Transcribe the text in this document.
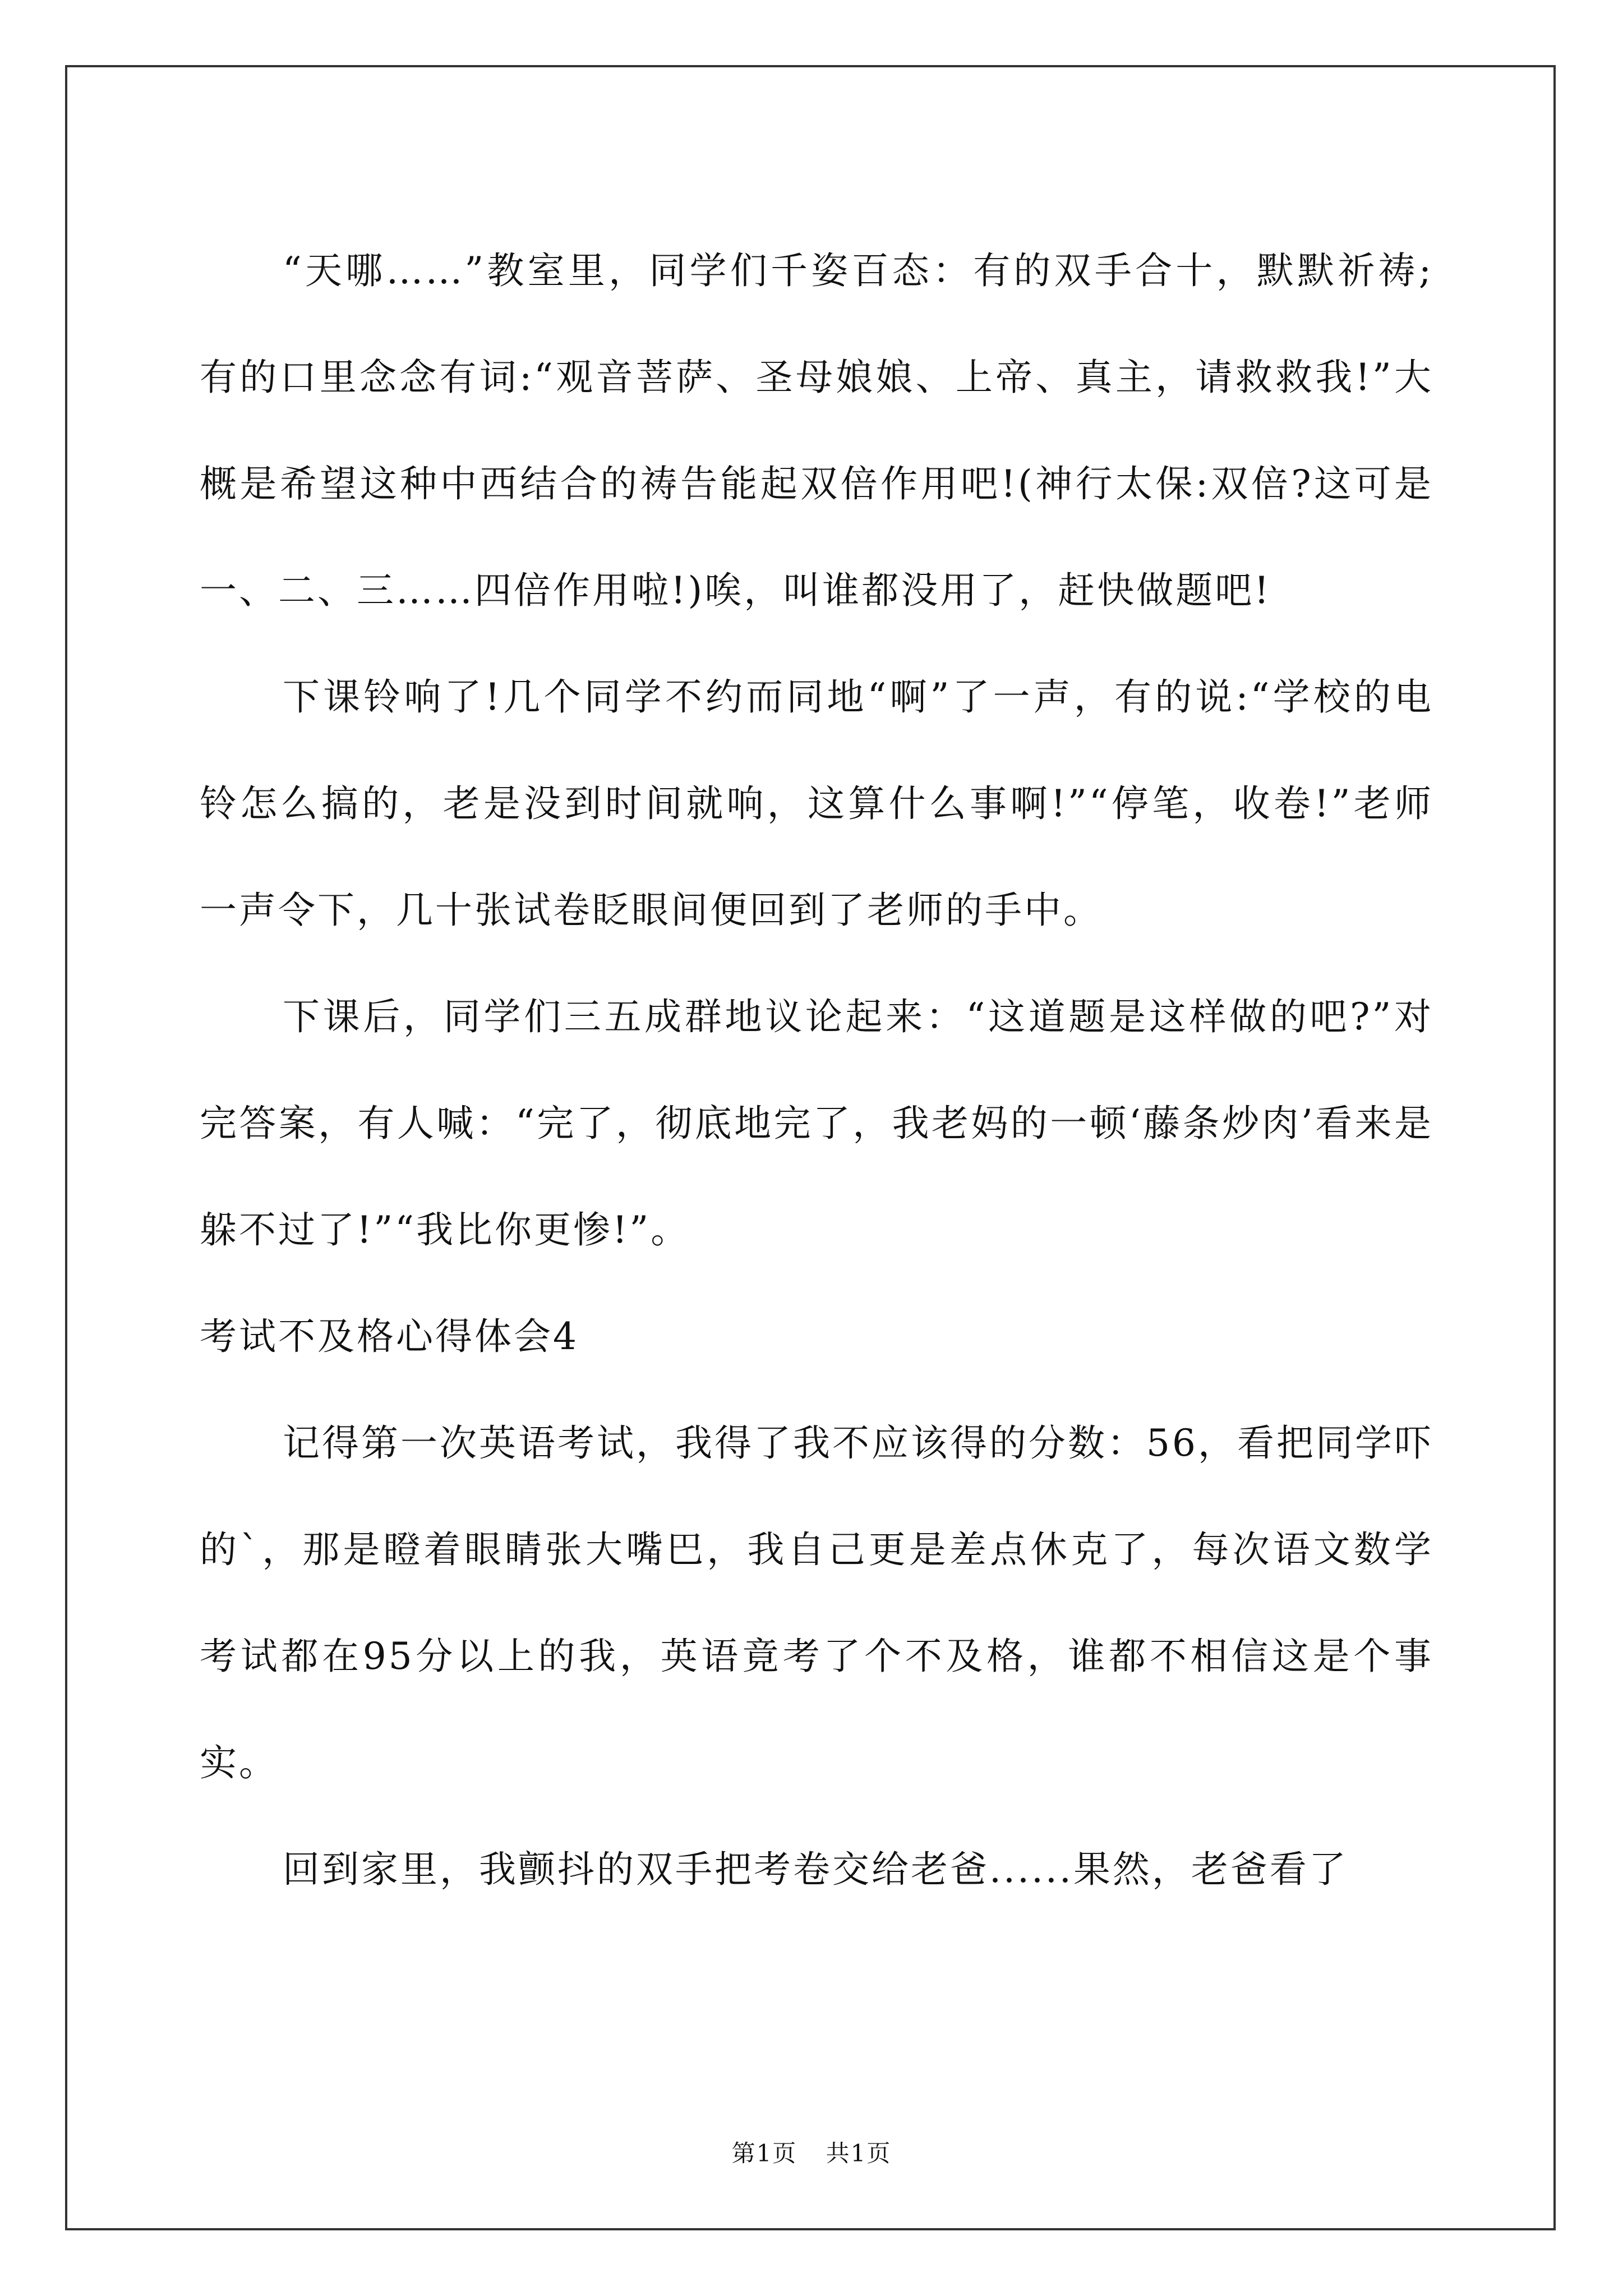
“天哪……”教室里，同学们千姿百态：有的双手合十，默默祈祷;有的口里念念有词:“观音菩萨、圣母娘娘、上帝、真主，请救救我!”大概是希望这种中西结合的祷告能起双倍作用吧!(神行太保:双倍?这可是一、二、三……四倍作用啦!)唉，叫谁都没用了，赶快做题吧!

下课铃响了!几个同学不约而同地“啊”了一声，有的说:“学校的电铃怎么搞的，老是没到时间就响，这算什么事啊!”“停笔，收卷!”老师一声令下，几十张试卷眨眼间便回到了老师的手中。

下课后，同学们三五成群地议论起来：“这道题是这样做的吧?”对完答案，有人喊：“完了，彻底地完了，我老妈的一顿‘藤条炒肉’看来是躲不过了!”“我比你更惨!”。

考试不及格心得体会4

记得第一次英语考试，我得了我不应该得的分数：56，看把同学吓的`，那是瞪着眼睛张大嘴巴，我自己更是差点休克了，每次语文数学考试都在95分以上的我，英语竟考了个不及格，谁都不相信这是个事实。

回到家里，我颤抖的双手把考卷交给老爸......果然，老爸看了

第1页 共1页
